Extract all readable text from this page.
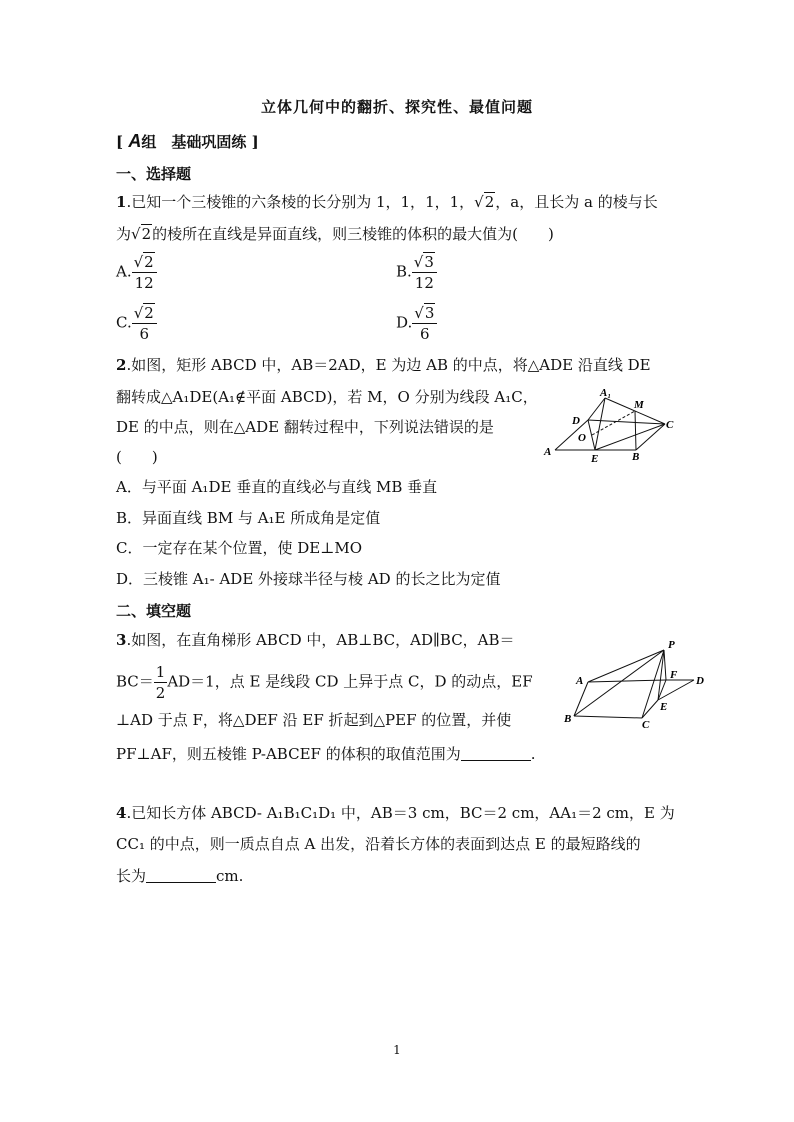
立体几何中的翻折、探究性、最值问题
[ A组　基础巩固练 ]
一、选择题
1.已知一个三棱锥的六条棱的长分别为 1，1，1，1，√2，a，且长为 a 的棱与长
为√2的棱所在直线是异面直线，则三棱锥的体积的最大值为(　　)
A. $\frac{√2}{12}$	B. $\frac{√3}{12}$
C. $\frac{√2}{6}$	D. $\frac{√3}{6}$
2.如图，矩形 ABCD 中，AB＝2AD，E 为边 AB 的中点，将△ADE 沿直线 DE
翻转成△A₁DE(A₁∉平面 ABCD)，若 M，O 分别为线段 A₁C，
DE 的中点，则在△ADE 翻转过程中，下列说法错误的是
(　　)
A₁
M
D	C
O
A
E	B
A．与平面 A₁DE 垂直的直线必与直线 MB 垂直
B．异面直线 BM 与 A₁E 所成角是定值
C．一定存在某个位置，使 DE⊥MO
D．三棱锥 A₁- ADE 外接球半径与棱 AD 的长之比为定值
二、填空题
3.如图，在直角梯形 ABCD 中，AB⊥BC，AD∥BC，AB＝
$BC= \frac{1}{2} AD=1$，点 E 是线段 CD 上异于点 C，D 的动点，EF
⊥AD 于点 F，将△DEF 沿 EF 折起到△PEF 的位置，并使
PF⊥AF，则五棱锥 P-ABCEF 的体积的取值范围为	.
P
A	F D
E
B	C
4.已知长方体 ABCD- A₁B₁C₁D₁ 中，AB＝3 cm，BC＝2 cm，AA₁＝2 cm，E 为
CC₁ 的中点，则一质点自点 A 出发，沿着长方体的表面到达点 E 的最短路线的
长为	cm.
1
